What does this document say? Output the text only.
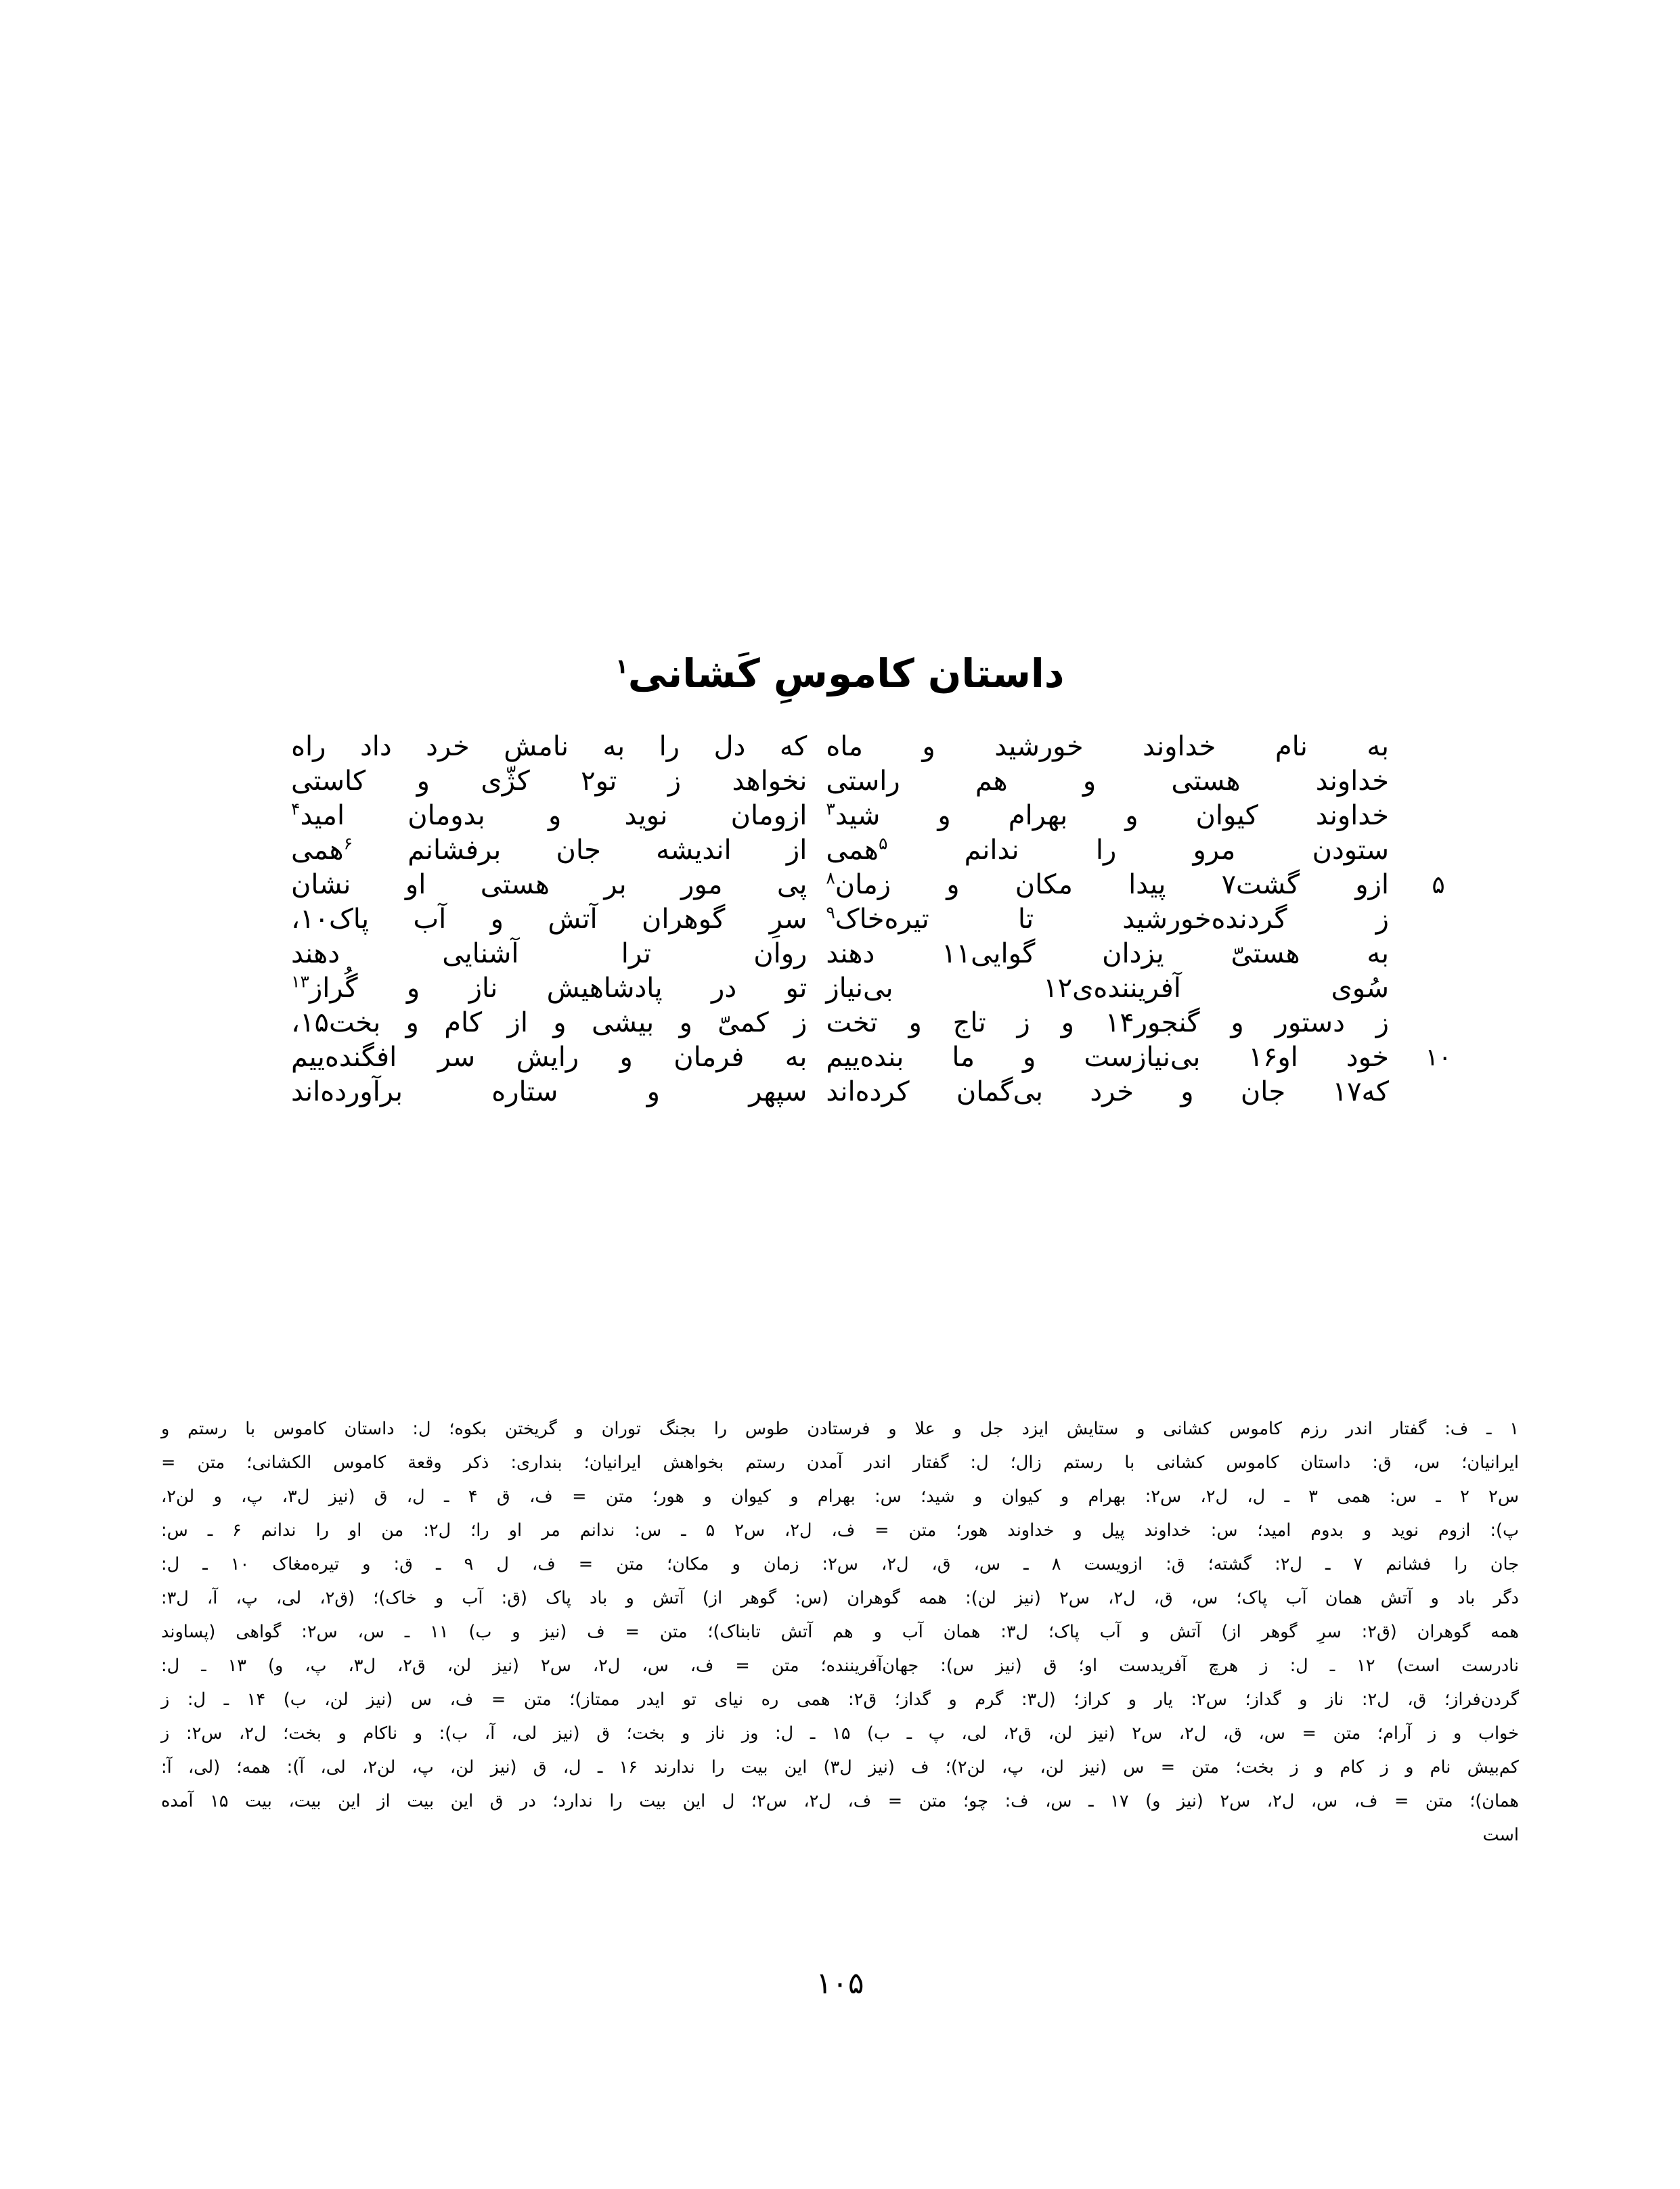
داستان کاموسِ کَشانی$^۱$
به
نام
خداوند
خورشید
و
ماه
که
دل
را
به
نامش
خرد
داد
راه
خداوند
هستی
و
هم
راستی
نخواهد
ز
تو۲
کژّی
و
کاستی
خداوند
کیوان
و
بهرام
و
شید$^۳$
ازومان
نوید
و
بدومان
امید$^۴$
ستودن
مرو
را
ندانم
$^۵$همی
از
اندیشه
جان
برفشانم
$^۶$همی
ازو
گشت۷
پیدا
مکان
و
زمان$^۸$
پی
مور
بر
هستی
او
نشان	۵
ز
گردنده‌خورشید
تا
تیره‌خاک$^۹$
سرِ
گوهران
آتش
و
آب
پاک۱۰،
به
هستیّ
یزدان
گوایی۱۱
دهند
روان
ترا
آشنایی
دهند
سُوی
آفریننده‌ی۱۲
بی‌نیاز
تو
در
پادشاهیش
ناز
و
گُراز$^{۱۳}$
ز
دستور
و
گنجور۱۴
و
ز
تاج
و
تخت
ز
کمیّ
و
بیشی
و
از
کام
و
بخت۱۵،
خود
او۱۶
بی‌نیازست
و
ما
بنده‌ییم
به
فرمان
و
رایش
سر
افگنده‌ییم	۱۰
که۱۷
جان
و
خرد
بی‌گمان
کرده‌اند
سپهر
و
ستاره
برآورده‌اند

۱ ـ ف: گفتار اندر رزم کاموس کشانی و ستایش ایزد جل و علا و فرستادن طوس را بجنگ توران و گریختن بکوه؛ ل: داستان کاموس با رستم و

ایرانیان؛ س، ق: داستان کاموس کشانی با رستم زال؛ ل: گفتار اندر آمدن رستم بخواهش ایرانیان؛ بنداری: ذکر وقعة کاموس الکشانی؛ متن =

س۲ ۲ ـ س: همی ۳ ـ ل، ل۲، س۲: بهرام و کیوان و شید؛ س: بهرام و کیوان و هور؛ متن = ف، ق ۴ ـ ل، ق (نیز ل۳، پ، و لن۲،

پ): ازوم نوید و بدوم امید؛ س: خداوند پیل و خداوند هور؛ متن = ف، ل۲، س۲ ۵ ـ س: ندانم مر او را؛ ل۲: من او را ندانم ۶ ـ س:

جان را فشانم ۷ ـ ل۲: گشته؛ ق: ازویست ۸ ـ س، ق، ل۲، س۲: زمان و مکان؛ متن = ف، ل ۹ ـ ق: و تیره‌مغاک ۱۰ ـ ل:

دگر باد و آتش همان آب پاک؛ س، ق، ل۲، س۲ (نیز لن): همه گوهران (س: گوهر از) آتش و باد پاک (ق: آب و خاک)؛ (ق۲، لی، پ، آ، ل۳:

همه گوهران (ق۲: سرِ گوهر از) آتش و آب پاک؛ ل۳: همان آب و هم آتش تابناک)؛ متن = ف (نیز و ب) ۱۱ ـ س، س۲: گواهی (پساوند

نادرست است) ۱۲ ـ ل: ز هرچ آفریدست او؛ ق (نیز س): جهان‌آفریننده؛ متن = ف، س، ل۲، س۲ (نیز لن، ق۲، ل۳، پ، و) ۱۳ ـ ل:

گردن‌فراز؛ ق، ل۲: ناز و گداز؛ س۲: یار و کراز؛ (ل۳: گرم و گداز؛ ق۲: همی ره نیای تو ایدر ممتاز)؛ متن = ف، س (نیز لن، ب) ۱۴ ـ ل: ز

خواب و ز آرام؛ متن = س، ق، ل۲، س۲ (نیز لن، ق۲، لی، پ ـ ب) ۱۵ ـ ل: وز ناز و بخت؛ ق (نیز لی، آ، ب): و ناکام و بخت؛ ل۲، س۲: ز

کم‌بیش نام و ز کام و ز بخت؛ متن = س (نیز لن، پ، لن۲)؛ ف (نیز ل۳) این بیت را ندارند ۱۶ ـ ل، ق (نیز لن، پ، لن۲، لی، آ): همه؛ (لی، آ:

همان)؛ متن = ف، س، ل۲، س۲ (نیز و) ۱۷ ـ س، ف: چو؛ متن = ف، ل۲، س۲؛ ل این بیت را ندارد؛ در ق این بیت از این بیت، بیت ۱۵ آمده

است

۱۰۵
